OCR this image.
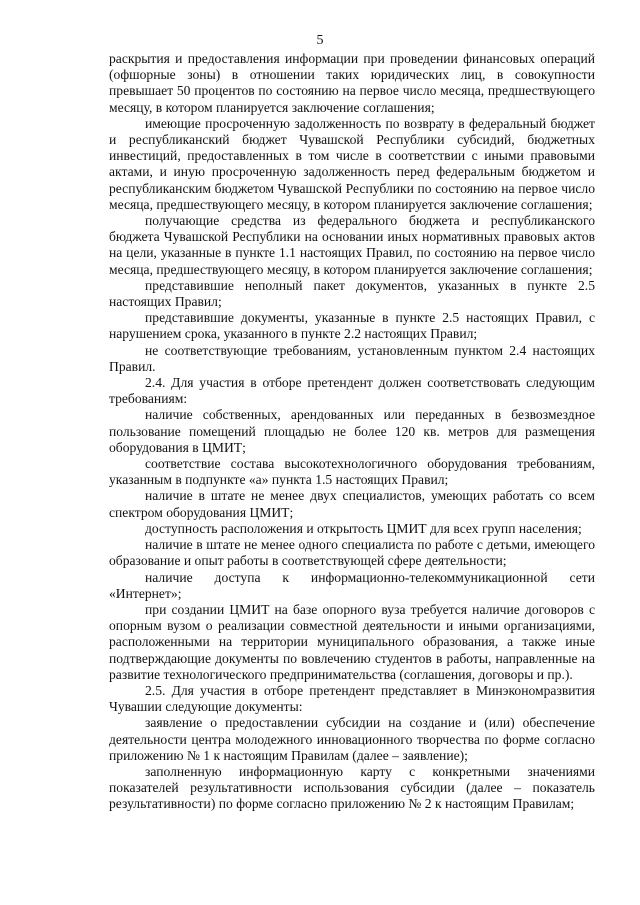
5

раскрытия и предоставления информации при проведении финансовых операций (офшорные зоны) в отношении таких юридических лиц, в совокупности превышает 50 процентов по состоянию на первое число месяца, предшествующего месяцу, в котором планируется заключение соглашения;

имеющие просроченную задолженность по возврату в федеральный бюджет и республиканский бюджет Чувашской Республики субсидий, бюджетных инвестиций, предоставленных в том числе в соответствии с иными правовыми актами, и иную просроченную задолженность перед федеральным бюджетом и республиканским бюджетом Чувашской Республики по состоянию на первое число месяца, предшествующего месяцу, в котором планируется заключение соглашения;

получающие средства из федерального бюджета и республиканского бюджета Чувашской Республики на основании иных нормативных правовых актов на цели, указанные в пункте 1.1 настоящих Правил, по состоянию на первое число месяца, предшествующего месяцу, в котором планируется заключение соглашения;

представившие неполный пакет документов, указанных в пункте 2.5 настоящих Правил;

представившие документы, указанные в пункте 2.5 настоящих Правил, с нарушением срока, указанного в пункте 2.2 настоящих Правил;

не соответствующие требованиям, установленным пунктом 2.4 настоящих Правил.

2.4. Для участия в отборе претендент должен соответствовать следующим требованиям:

наличие собственных, арендованных или переданных в безвозмездное пользование помещений площадью не более 120 кв. метров для размещения оборудования в ЦМИТ;

соответствие состава высокотехнологичного оборудования требованиям, указанным в подпункте «а» пункта 1.5 настоящих Правил;

наличие в штате не менее двух специалистов, умеющих работать со всем спектром оборудования ЦМИТ;

доступность расположения и открытость ЦМИТ для всех групп населения;

наличие в штате не менее одного специалиста по работе с детьми, имеющего образование и опыт работы в соответствующей сфере деятельности;

наличие доступа к информационно-телекоммуникационной сети «Интернет»;

при создании ЦМИТ на базе опорного вуза требуется наличие договоров с опорным вузом о реализации совместной деятельности и иными организациями, расположенными на территории муниципального образования, а также иные подтверждающие документы по вовлечению студентов в работы, направленные на развитие технологического предпринимательства (соглашения, договоры и пр.).

2.5. Для участия в отборе претендент представляет в Минэкономразвития Чувашии следующие документы:

заявление о предоставлении субсидии на создание и (или) обеспечение деятельности центра молодежного инновационного творчества по форме согласно приложению № 1 к настоящим Правилам (далее – заявление);

заполненную информационную карту с конкретными значениями показателей результативности использования субсидии (далее – показатель результативности) по форме согласно приложению № 2 к настоящим Правилам;
